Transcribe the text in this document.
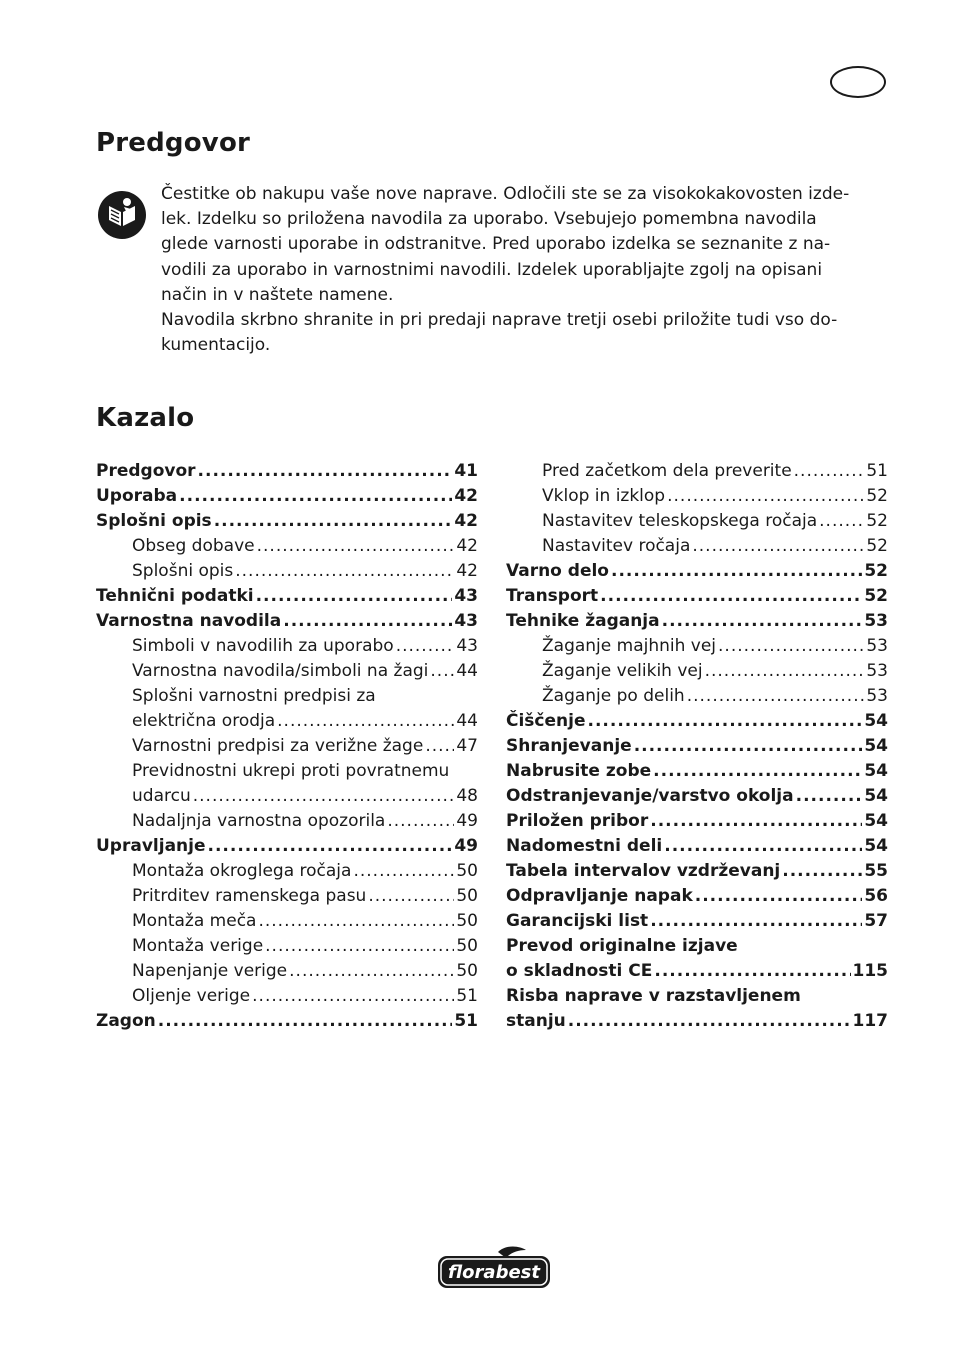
Predgovor

Čestitke ob nakupu vaše nove naprave. Odločili ste se za visokokakovosten izde-
lek. Izdelku so priložena navodila za uporabo. Vsebujejo pomembna navodila
glede varnosti uporabe in odstranitve. Pred uporabo izdelka se seznanite z na-
vodili za uporabo in varnostnimi navodili. Izdelek uporabljajte zgolj na opisani
način in v naštete namene.

Navodila skrbno shranite in pri predaji naprave tretji osebi priložite tudi vso do-
kumentacijo.

Kazalo
Predgovor .....	41
Uporaba .....	42
Splošni opis .....	42
Obseg dobave .....	42
Splošni opis .....	42
Tehnični podatki .....	43
Varnostna navodila .....	43
Simboli v navodilih za uporabo .....	43
Varnostna navodila/simboli na žagi ..... 44
Splošni varnostni predpisi za
električna orodja .....	44
Varnostni predpisi za verižne žage ..... 47
Previdnostni ukrepi proti povratnemu
udarcu .....	48
Nadaljnja varnostna opozorila .....	49
Upravljanje .....	49
Montaža okroglega ročaja .....	50
Pritrditev ramenskega pasu .....	50
Montaža meča .....	50
Montaža verige .....	50
Napenjanje verige .....	50
Oljenje verige .....	51
Zagon .....	51
Pred začetkom dela preverite .....	51
Vklop in izklop .....	52
Nastavitev teleskopskega ročaja .....	52
Nastavitev ročaja .....	52
Varno delo .....	52
Transport .....	52
Tehnike žaganja .....	53
Žaganje majhnih vej .....	53
Žaganje velikih vej .....	53
Žaganje po delih .....	53
Čiščenje .....	54
Shranjevanje .....	54
Nabrusite zobe .....	54
Odstranjevanje/varstvo okolja .....	54
Priložen pribor .....	54
Nadomestni deli .....	54
Tabela intervalov vzdrževanj .....	55
Odpravljanje napak .....	56
Garancijski list .....	57
Prevod originalne izjave
o skladnosti CE .....	115
Risba naprave v razstavljenem
stanju .....	117
florabest
